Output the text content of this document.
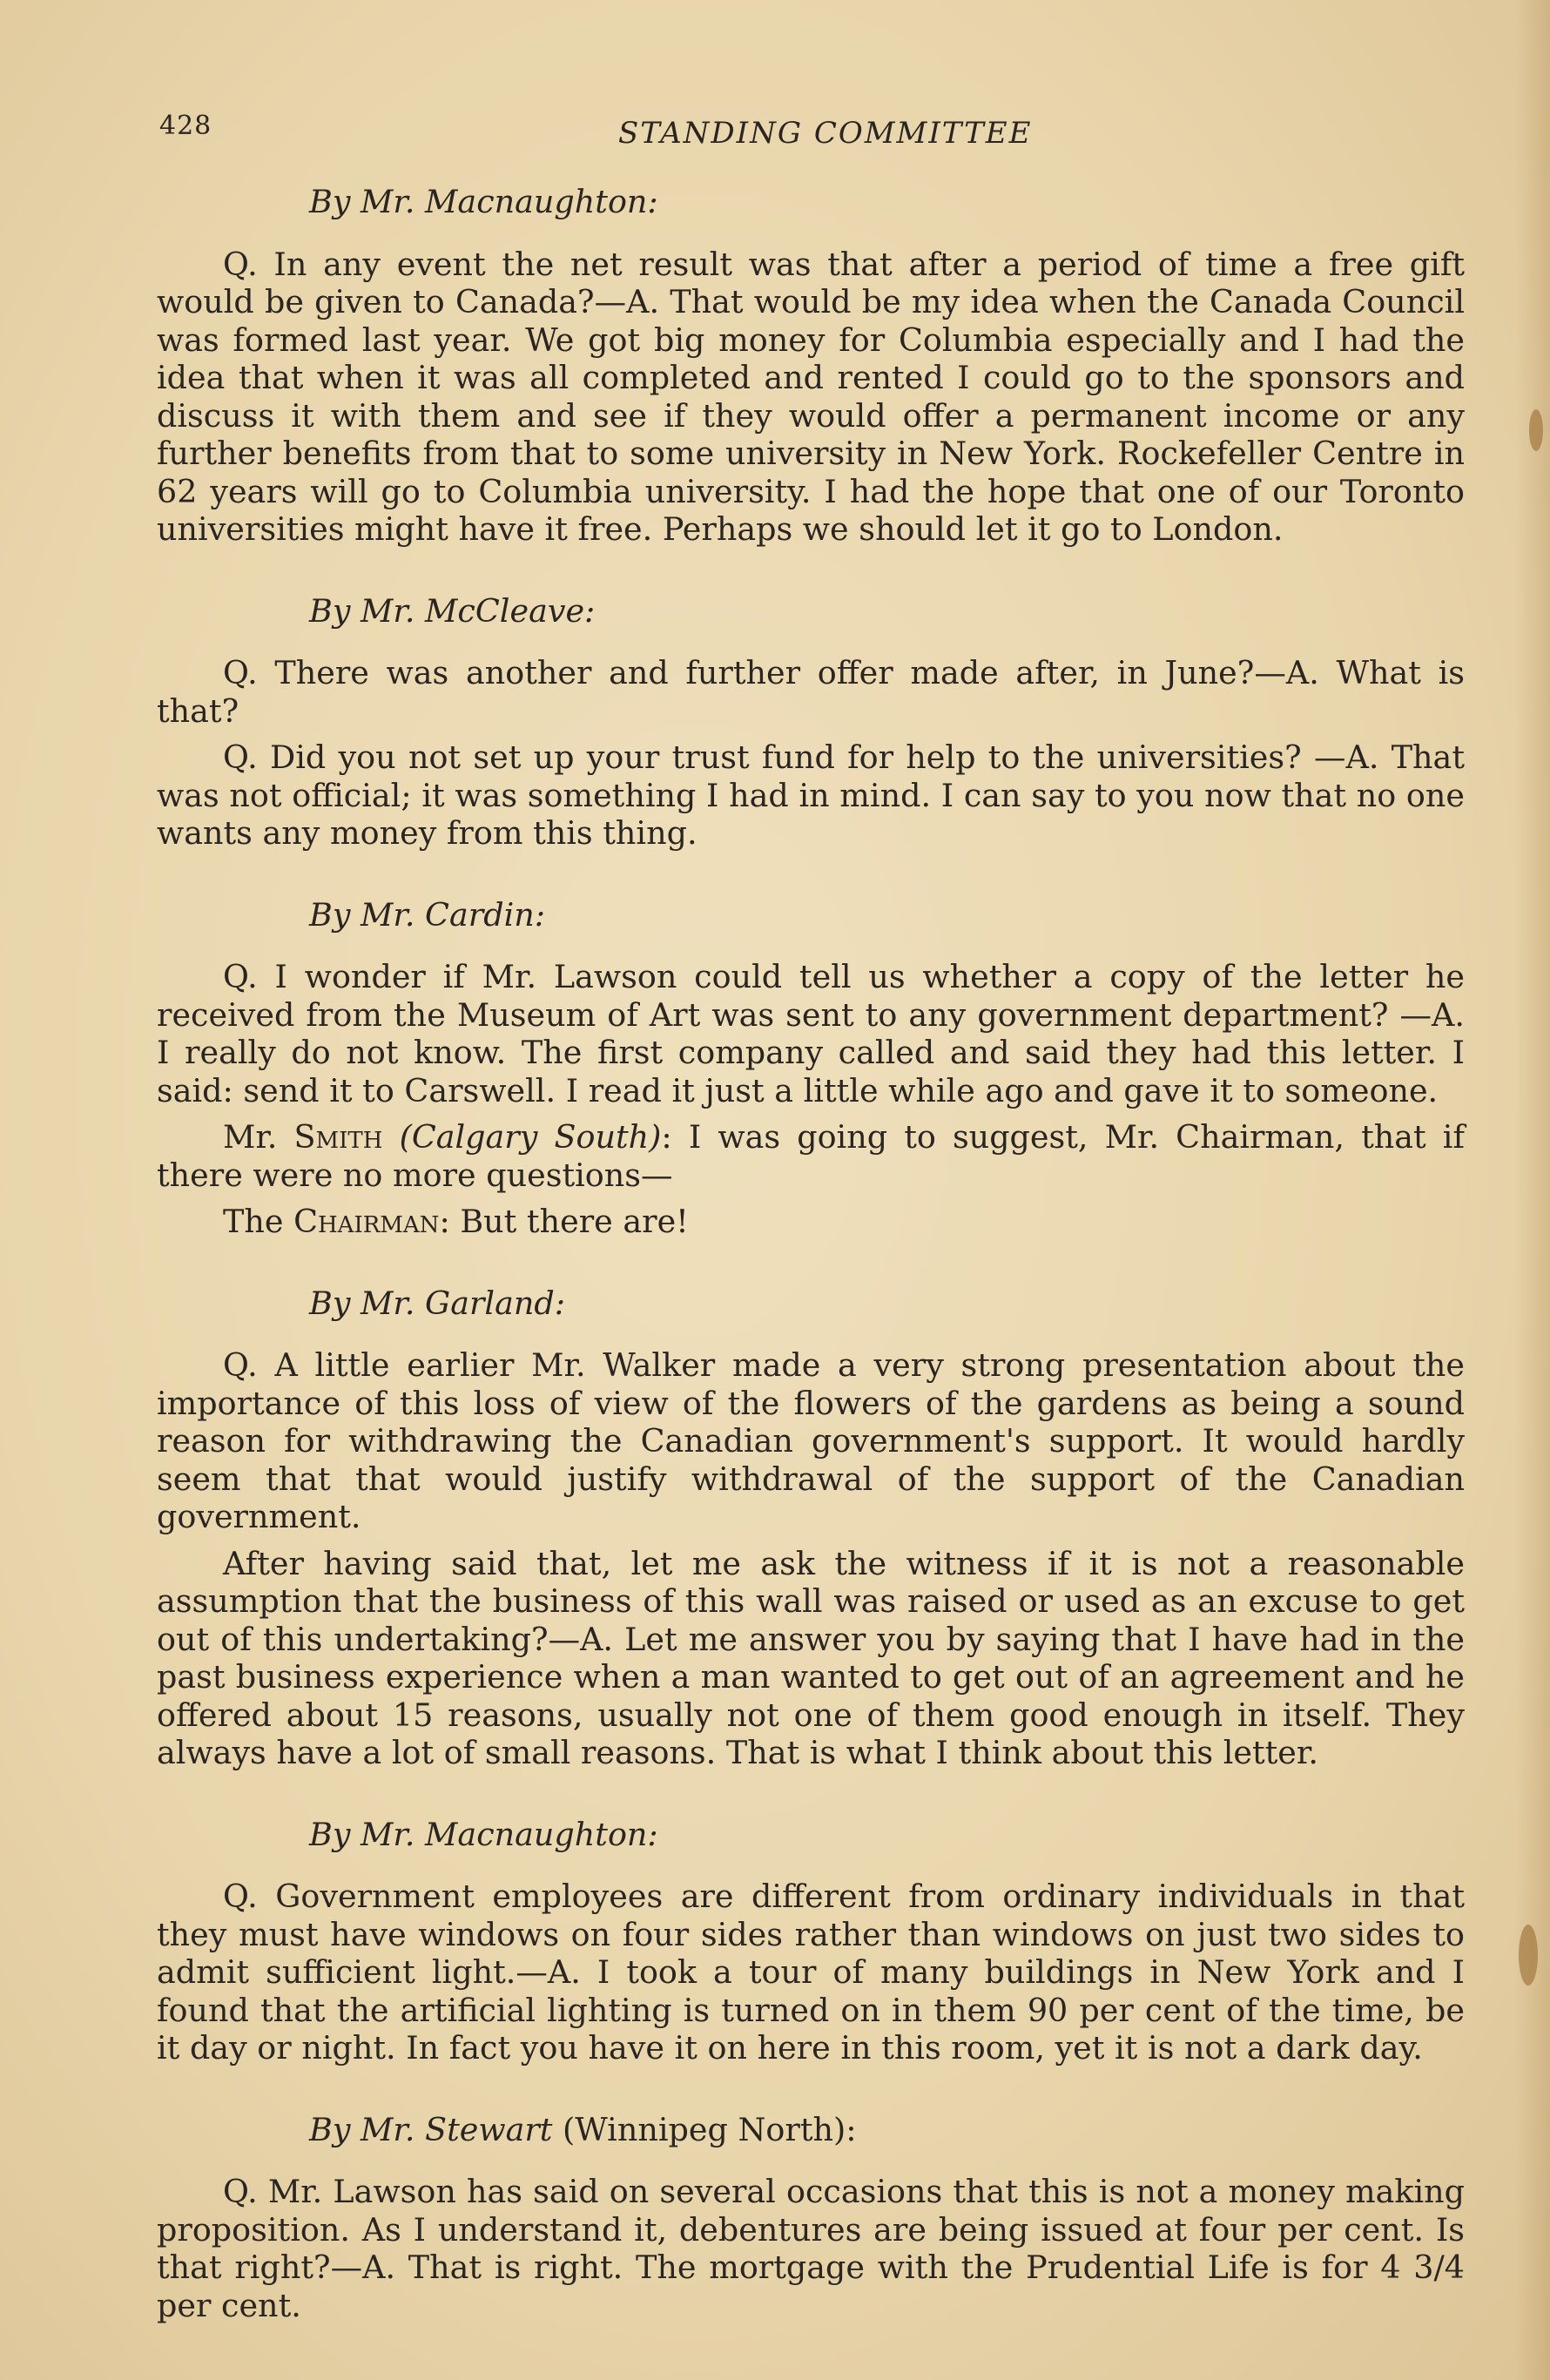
428	STANDING COMMITTEE
By Mr. Macnaughton:

Q. In any event the net result was that after a period of time a free gift would be given to Canada?—A. That would be my idea when the Canada Council was formed last year. We got big money for Columbia especially and I had the idea that when it was all completed and rented I could go to the sponsors and discuss it with them and see if they would offer a permanent income or any further benefits from that to some university in New York. Rockefeller Centre in 62 years will go to Columbia university. I had the hope that one of our Toronto universities might have it free. Perhaps we should let it go to London.

By Mr. McCleave:

Q. There was another and further offer made after, in June?—A. What is that?

Q. Did you not set up your trust fund for help to the universities? —A. That was not official; it was something I had in mind. I can say to you now that no one wants any money from this thing.

By Mr. Cardin:

Q. I wonder if Mr. Lawson could tell us whether a copy of the letter he received from the Museum of Art was sent to any government department? —A. I really do not know. The first company called and said they had this letter. I said: send it to Carswell. I read it just a little while ago and gave it to someone.

Mr. Smith (Calgary South): I was going to suggest, Mr. Chairman, that if there were no more questions—

The Chairman: But there are!

By Mr. Garland:

Q. A little earlier Mr. Walker made a very strong presentation about the importance of this loss of view of the flowers of the gardens as being a sound reason for withdrawing the Canadian government's support. It would hardly seem that that would justify withdrawal of the support of the Canadian government.

After having said that, let me ask the witness if it is not a reasonable assumption that the business of this wall was raised or used as an excuse to get out of this undertaking?—A. Let me answer you by saying that I have had in the past business experience when a man wanted to get out of an agreement and he offered about 15 reasons, usually not one of them good enough in itself. They always have a lot of small reasons. That is what I think about this letter.

By Mr. Macnaughton:

Q. Government employees are different from ordinary individuals in that they must have windows on four sides rather than windows on just two sides to admit sufficient light.—A. I took a tour of many buildings in New York and I found that the artificial lighting is turned on in them 90 per cent of the time, be it day or night. In fact you have it on here in this room, yet it is not a dark day.

By Mr. Stewart (Winnipeg North):

Q. Mr. Lawson has said on several occasions that this is not a money making proposition. As I understand it, debentures are being issued at four per cent. Is that right?—A. That is right. The mortgage with the Prudential Life is for 4 3/4 per cent.
